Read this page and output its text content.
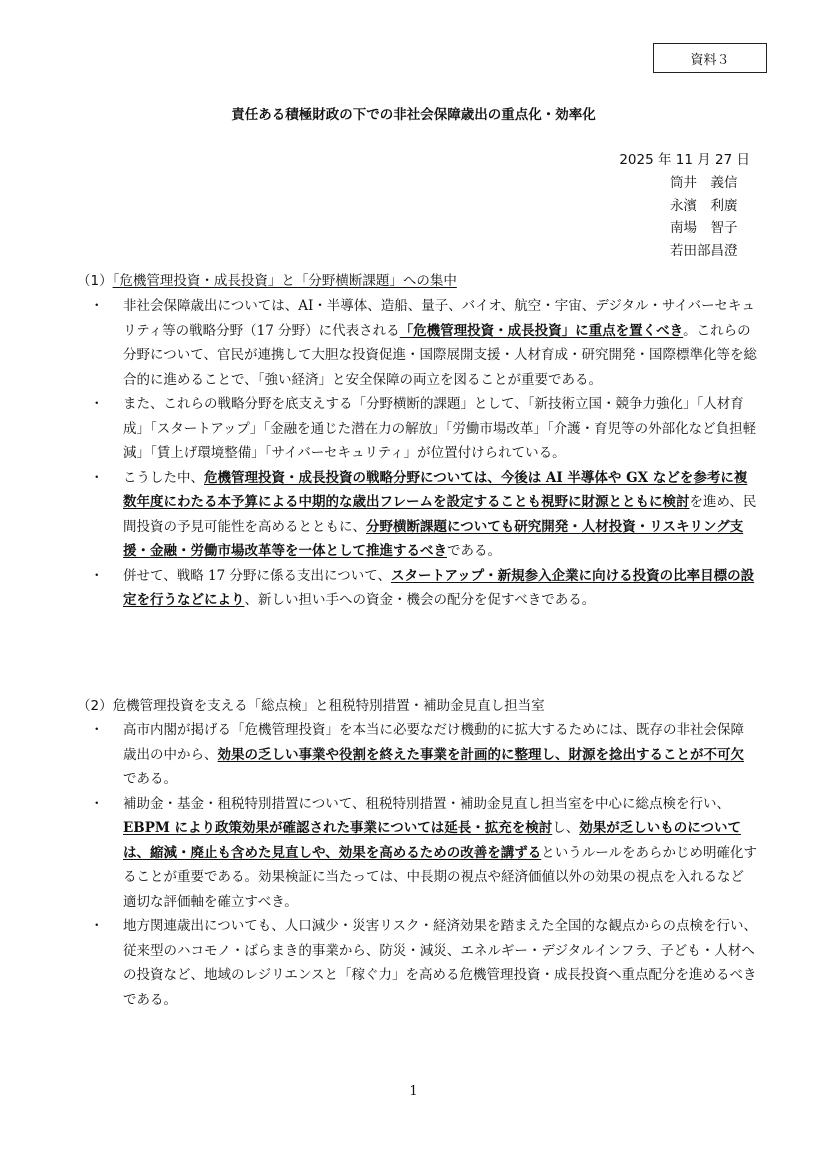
資料３
責任ある積極財政の下での非社会保障歳出の重点化・効率化
2025 年 11 月 27 日
筒井　義信
永濱　利廣
南場　智子
若田部昌澄
（1）「危機管理投資・成長投資」と「分野横断課題」への集中
・ 非社会保障歳出については、AI・半導体、造船、量子、バイオ、航空・宇宙、デジタル・サイバーセキュリティ等の戦略分野（17 分野）に代表される「危機管理投資・成長投資」に重点を置くべき。これらの分野について、官民が連携して大胆な投資促進・国際展開支援・人材育成・研究開発・国際標準化等を総合的に進めることで、「強い経済」と安全保障の両立を図ることが重要である。
・ また、これらの戦略分野を底支えする「分野横断的課題」として、「新技術立国・競争力強化」「人材育成」「スタートアップ」「金融を通じた潜在力の解放」「労働市場改革」「介護・育児等の外部化など負担軽減」「賃上げ環境整備」「サイバーセキュリティ」が位置付けられている。
・ こうした中、危機管理投資・成長投資の戦略分野については、今後は AI 半導体や GX などを参考に複数年度にわたる本予算による中期的な歳出フレームを設定することも視野に財源とともに検討を進め、民間投資の予見可能性を高めるとともに、分野横断課題についても研究開発・人材投資・リスキリング支援・金融・労働市場改革等を一体として推進するべきである。
・ 併せて、戦略 17 分野に係る支出について、スタートアップ・新規参入企業に向ける投資の比率目標の設定を行うなどにより、新しい担い手への資金・機会の配分を促すべきである。
（2）危機管理投資を支える「総点検」と租税特別措置・補助金見直し担当室
・ 高市内閣が掲げる「危機管理投資」を本当に必要なだけ機動的に拡大するためには、既存の非社会保障歳出の中から、効果の乏しい事業や役割を終えた事業を計画的に整理し、財源を捻出することが不可欠である。
・ 補助金・基金・租税特別措置について、租税特別措置・補助金見直し担当室を中心に総点検を行い、EBPM により政策効果が確認された事業については延長・拡充を検討し、効果が乏しいものについては、縮減・廃止も含めた見直しや、効果を高めるための改善を講ずるというルールをあらかじめ明確化することが重要である。効果検証に当たっては、中長期の視点や経済価値以外の効果の視点を入れるなど適切な評価軸を確立すべき。
・ 地方関連歳出についても、人口減少・災害リスク・経済効果を踏まえた全国的な観点からの点検を行い、従来型のハコモノ・ばらまき的事業から、防災・減災、エネルギー・デジタルインフラ、子ども・人材への投資など、地域のレジリエンスと「稼ぐ力」を高める危機管理投資・成長投資へ重点配分を進めるべきである。
1
